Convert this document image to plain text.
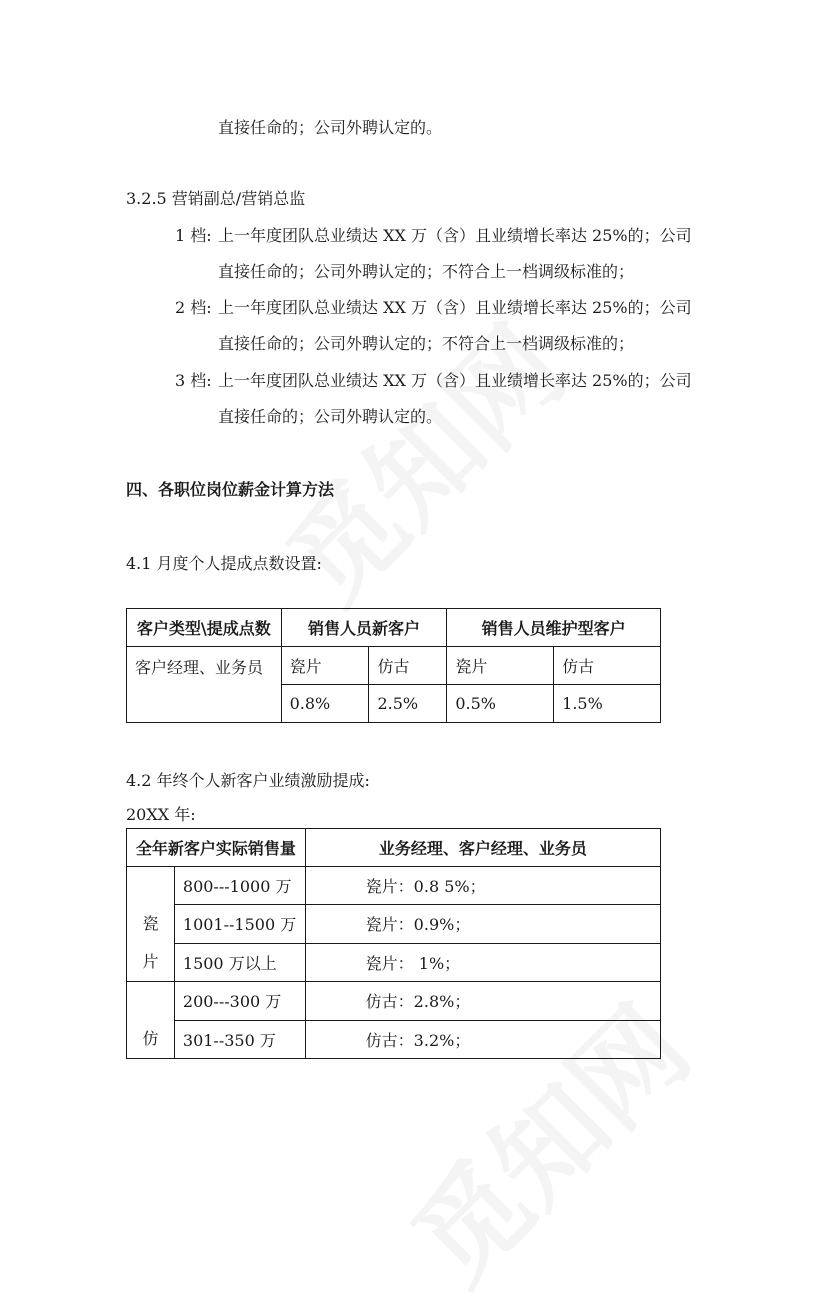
直接任命的；公司外聘认定的。
3.2.5 营销副总/营销总监
1 档: 上一年度团队总业绩达 XX 万（含）且业绩增长率达 25%的；公司
直接任命的；公司外聘认定的；不符合上一档调级标准的；
2 档: 上一年度团队总业绩达 XX 万（含）且业绩增长率达 25%的；公司
直接任命的；公司外聘认定的；不符合上一档调级标准的；
3 档: 上一年度团队总业绩达 XX 万（含）且业绩增长率达 25%的；公司
直接任命的；公司外聘认定的。
四、各职位岗位薪金计算方法
4.1 月度个人提成点数设置:
客户类型\提成点数	销售人员新客户		销售人员维护型客户	
客户经理、业务员	瓷片	仿古	瓷片	仿古
	0.8%	2.5%	0.5%	1.5%
4.2 年终个人新客户业绩激励提成:
20XX 年:
全年新客户实际销售量		业务经理、客户经理、业务员

瓷
片	800---1000 万	瓷片：0.8 5%；
	1001--1500 万	瓷片：0.9%；
	1500 万以上	瓷片： 1%；

仿	200---300 万	仿古：2.8%；
	301--350 万	仿古：3.2%；
